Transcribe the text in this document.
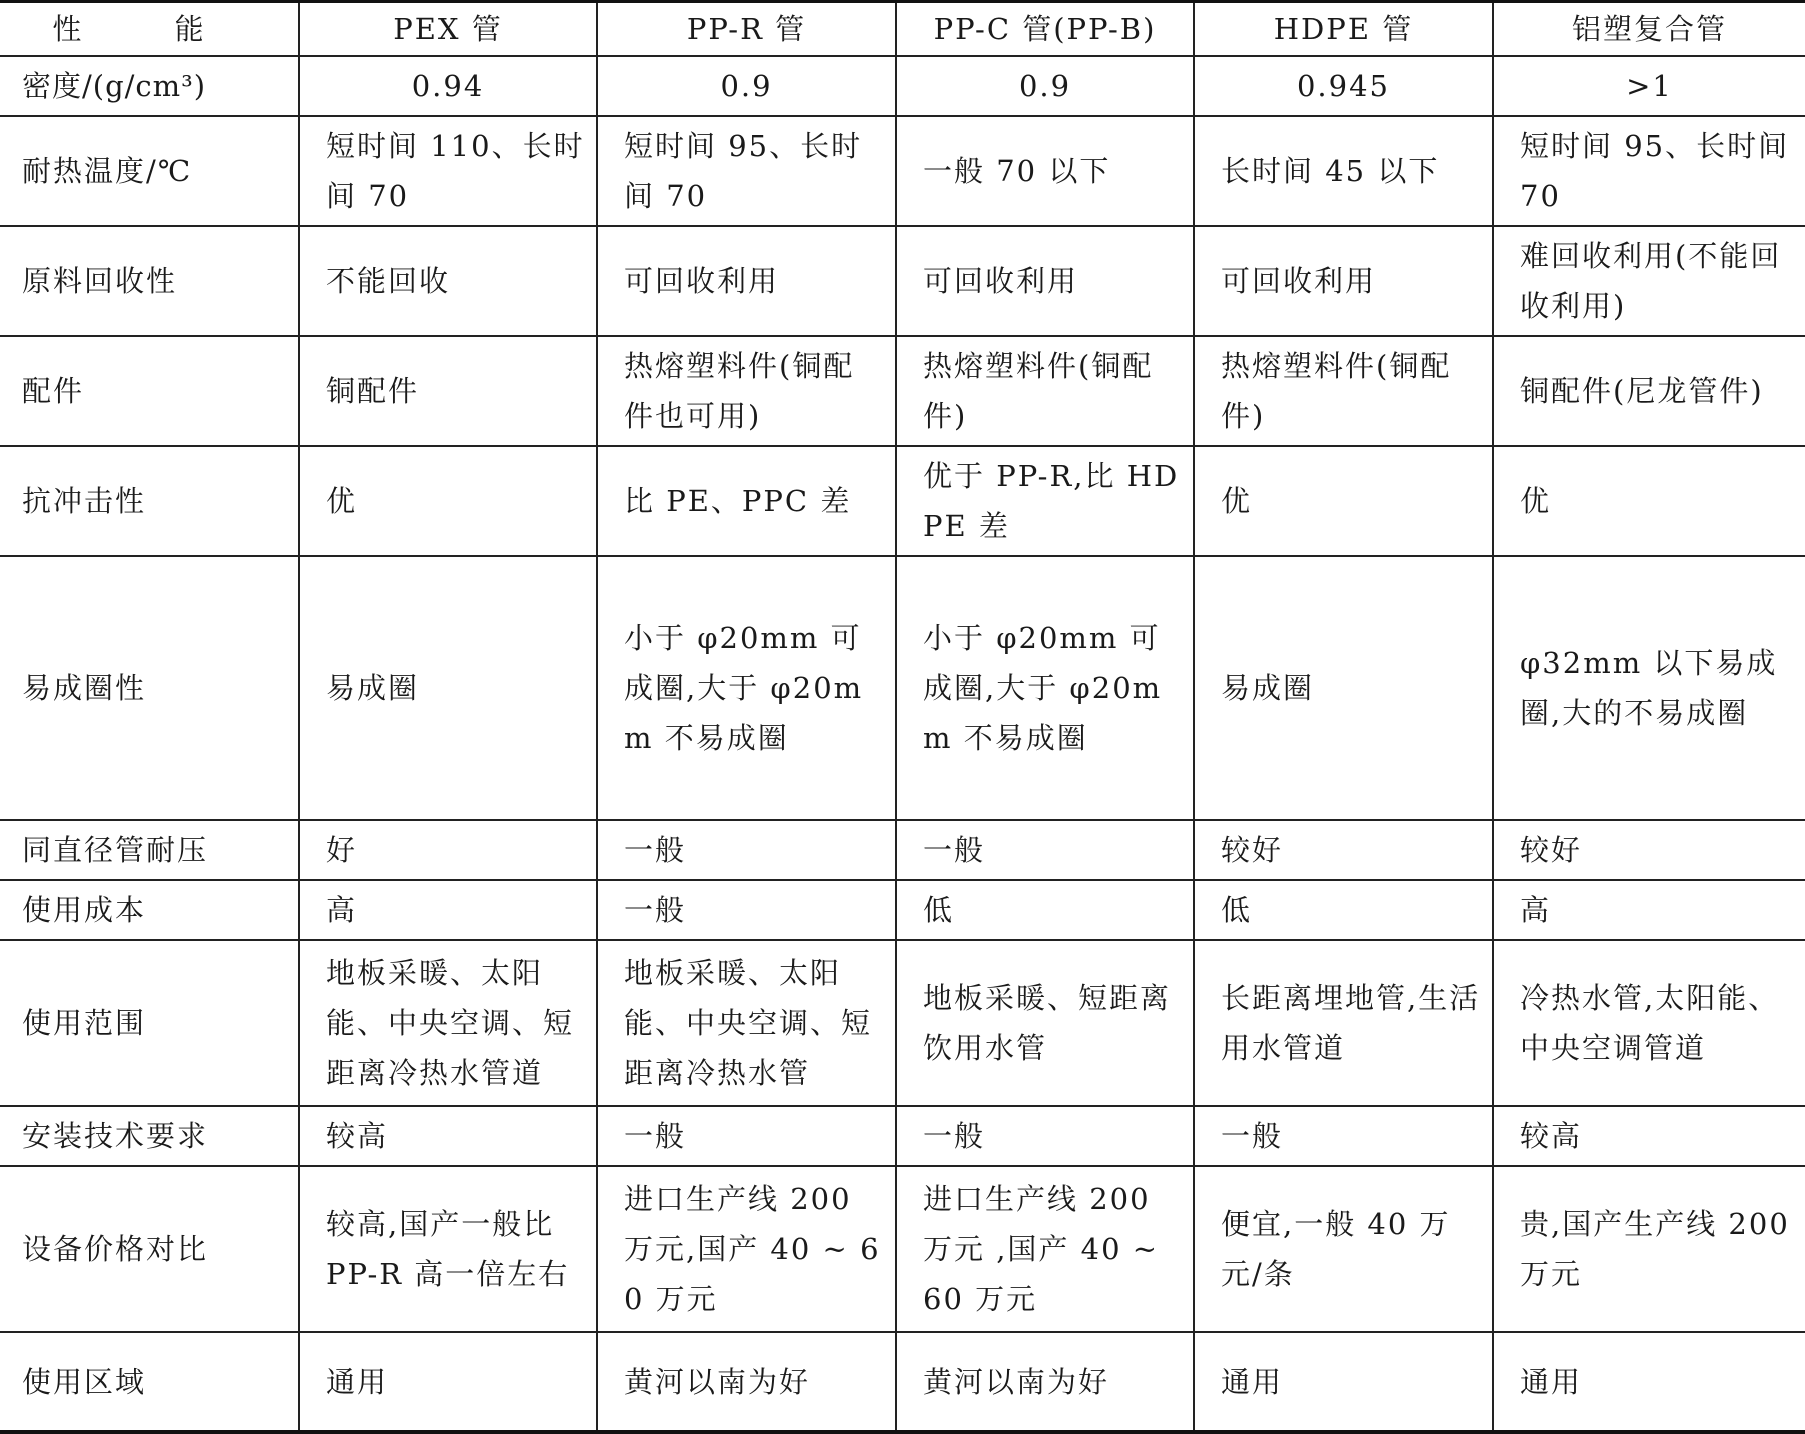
性 能	PEX 管	PP-R 管	PP-C 管(PP-B)	HDPE 管	铝塑复合管
密度/(g/cm³)	0.94	0.9	0.9	0.945	>1
耐热温度/℃	短时间 110、长时间 70	短时间 95、长时间 70	一般 70 以下	长时间 45 以下	短时间 95、长时间 70
原料回收性	不能回收	可回收利用	可回收利用	可回收利用	难回收利用(不能回收利用)
配件	铜配件	热熔塑料件(铜配件也可用)	热熔塑料件(铜配件)	热熔塑料件(铜配件)	铜配件(尼龙管件)
抗冲击性	优	比 PE、PPC 差	优于 PP-R,比 HDPE 差	优	优
易成圈性	易成圈	小于 φ20mm 可成圈,大于 φ20mm 不易成圈	小于 φ20mm 可成圈,大于 φ20mm 不易成圈	易成圈	φ32mm 以下易成圈,大的不易成圈
同直径管耐压	好	一般	一般	较好	较好
使用成本	高	一般	低	低	高
使用范围	地板采暖、太阳能、中央空调、短距离冷热水管道	地板采暖、太阳能、中央空调、短距离冷热水管	地板采暖、短距离饮用水管	长距离埋地管,生活用水管道	冷热水管,太阳能、中央空调管道
安装技术要求	较高	一般	一般	一般	较高
设备价格对比	较高,国产一般比 PP-R 高一倍左右	进口生产线 200 万元,国产 40 ~ 60 万元	进口生产线 200 万元 ,国产 40 ~ 60 万元	便宜,一般 40 万元/条	贵,国产生产线 200 万元
使用区域	通用	黄河以南为好	黄河以南为好	通用	通用
